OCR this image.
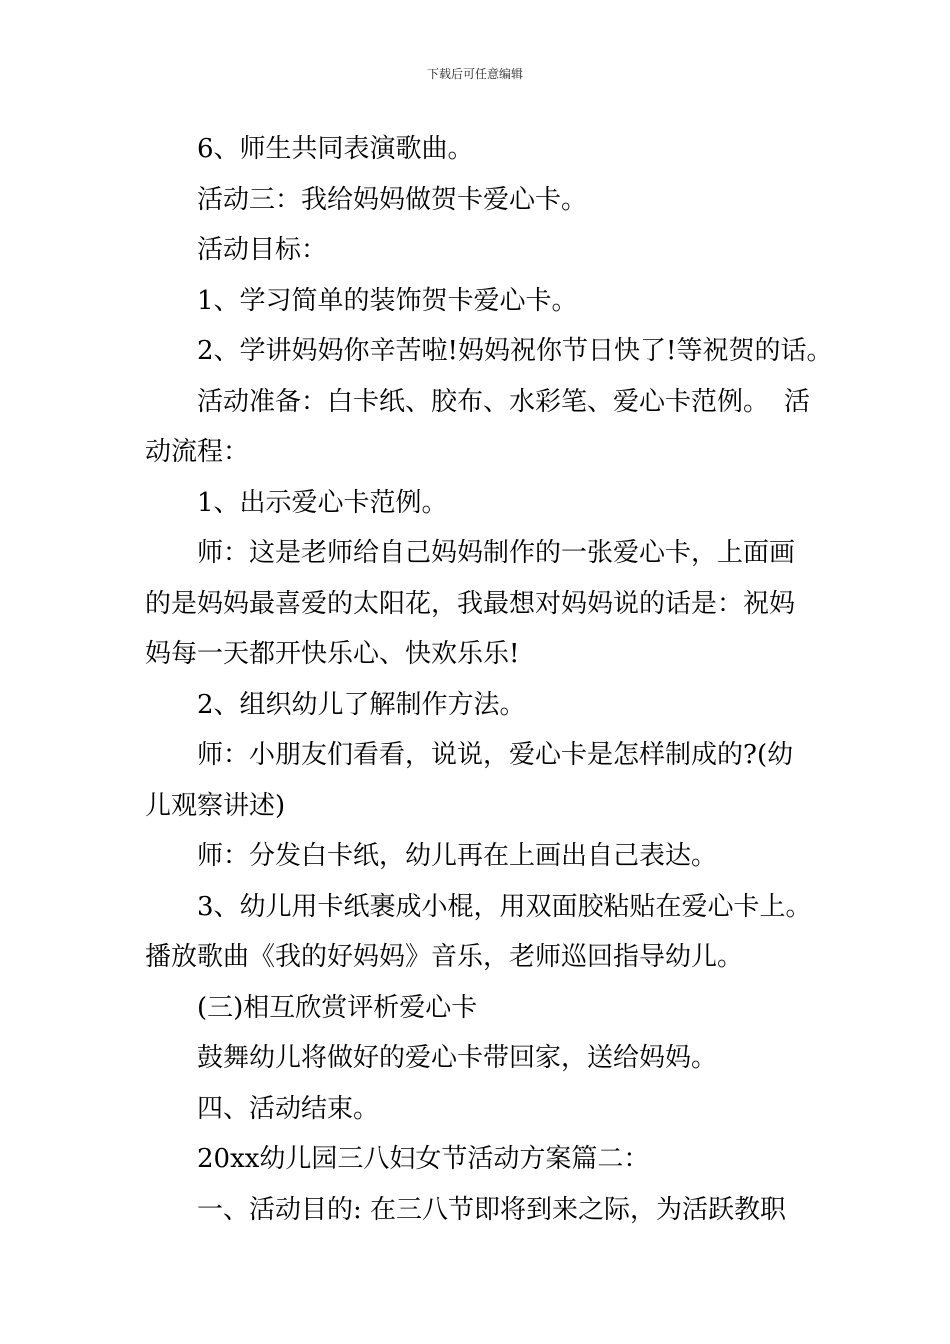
下载后可任意编辑
6、师生共同表演歌曲。
活动三：我给妈妈做贺卡爱心卡。
活动目标：
1、学习简单的装饰贺卡爱心卡。
2、学讲妈妈你辛苦啦!妈妈祝你节日快了!等祝贺的话。
活动准备：白卡纸、胶布、水彩笔、爱心卡范例。 活
动流程：
1、出示爱心卡范例。
师：这是老师给自己妈妈制作的一张爱心卡，上面画
的是妈妈最喜爱的太阳花，我最想对妈妈说的话是：祝妈
妈每一天都开快乐心、快欢乐乐!
2、组织幼儿了解制作方法。
师：小朋友们看看，说说，爱心卡是怎样制成的?(幼
儿观察讲述)
师：分发白卡纸，幼儿再在上画出自己表达。
3、幼儿用卡纸裹成小棍，用双面胶粘贴在爱心卡上。
播放歌曲《我的好妈妈》音乐，老师巡回指导幼儿。
(三)相互欣赏评析爱心卡
鼓舞幼儿将做好的爱心卡带回家，送给妈妈。
四、活动结束。
20xx幼儿园三八妇女节活动方案篇二：
一、活动目的: 在三八节即将到来之际，为活跃教职
